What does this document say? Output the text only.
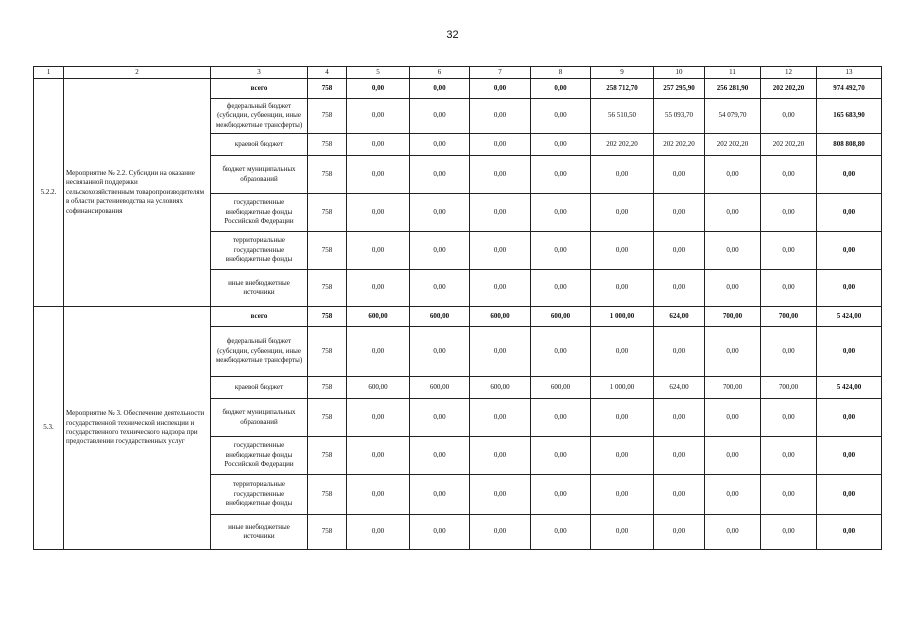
32
1	2	3	4	5	6	7	8	9	10	11	12	13
5.2.2.	Мероприятие № 2.2. Субсидии на оказание несвязанной поддержки сельскохозяйственным товаропроизводителям в области растениеводства на условиях софинансирования	всего	758	0,00	0,00	0,00	0,00	258 712,70	257 295,90	256 281,90	202 202,20	974 492,70
		федеральный бюджет (субсидии, субвенции, иные межбюджетные трансферты)	758	0,00	0,00	0,00	0,00	56 510,50	55 093,70	54 079,70	0,00	165 683,90
		краевой бюджет	758	0,00	0,00	0,00	0,00	202 202,20	202 202,20	202 202,20	202 202,20	808 808,80
		бюджет муниципальных образований	758	0,00	0,00	0,00	0,00	0,00	0,00	0,00	0,00	0,00
		государственные внебюджетные фонды Российской Федерации	758	0,00	0,00	0,00	0,00	0,00	0,00	0,00	0,00	0,00
		территориальные государственные внебюджетные фонды	758	0,00	0,00	0,00	0,00	0,00	0,00	0,00	0,00	0,00
		иные внебюджетные источники	758	0,00	0,00	0,00	0,00	0,00	0,00	0,00	0,00	0,00
5.3.	Мероприятие № 3. Обеспечение деятельности государственной технической инспекции и государственного технического надзора при предоставлении государственных услуг	всего	758	600,00	600,00	600,00	600,00	1 000,00	624,00	700,00	700,00	5 424,00
		федеральный бюджет (субсидии, субвенции, иные межбюджетные трансферты)	758	0,00	0,00	0,00	0,00	0,00	0,00	0,00	0,00	0,00
		краевой бюджет	758	600,00	600,00	600,00	600,00	1 000,00	624,00	700,00	700,00	5 424,00
		бюджет муниципальных образований	758	0,00	0,00	0,00	0,00	0,00	0,00	0,00	0,00	0,00
		государственные внебюджетные фонды Российской Федерации	758	0,00	0,00	0,00	0,00	0,00	0,00	0,00	0,00	0,00
		территориальные государственные внебюджетные фонды	758	0,00	0,00	0,00	0,00	0,00	0,00	0,00	0,00	0,00
		иные внебюджетные источники	758	0,00	0,00	0,00	0,00	0,00	0,00	0,00	0,00	0,00
